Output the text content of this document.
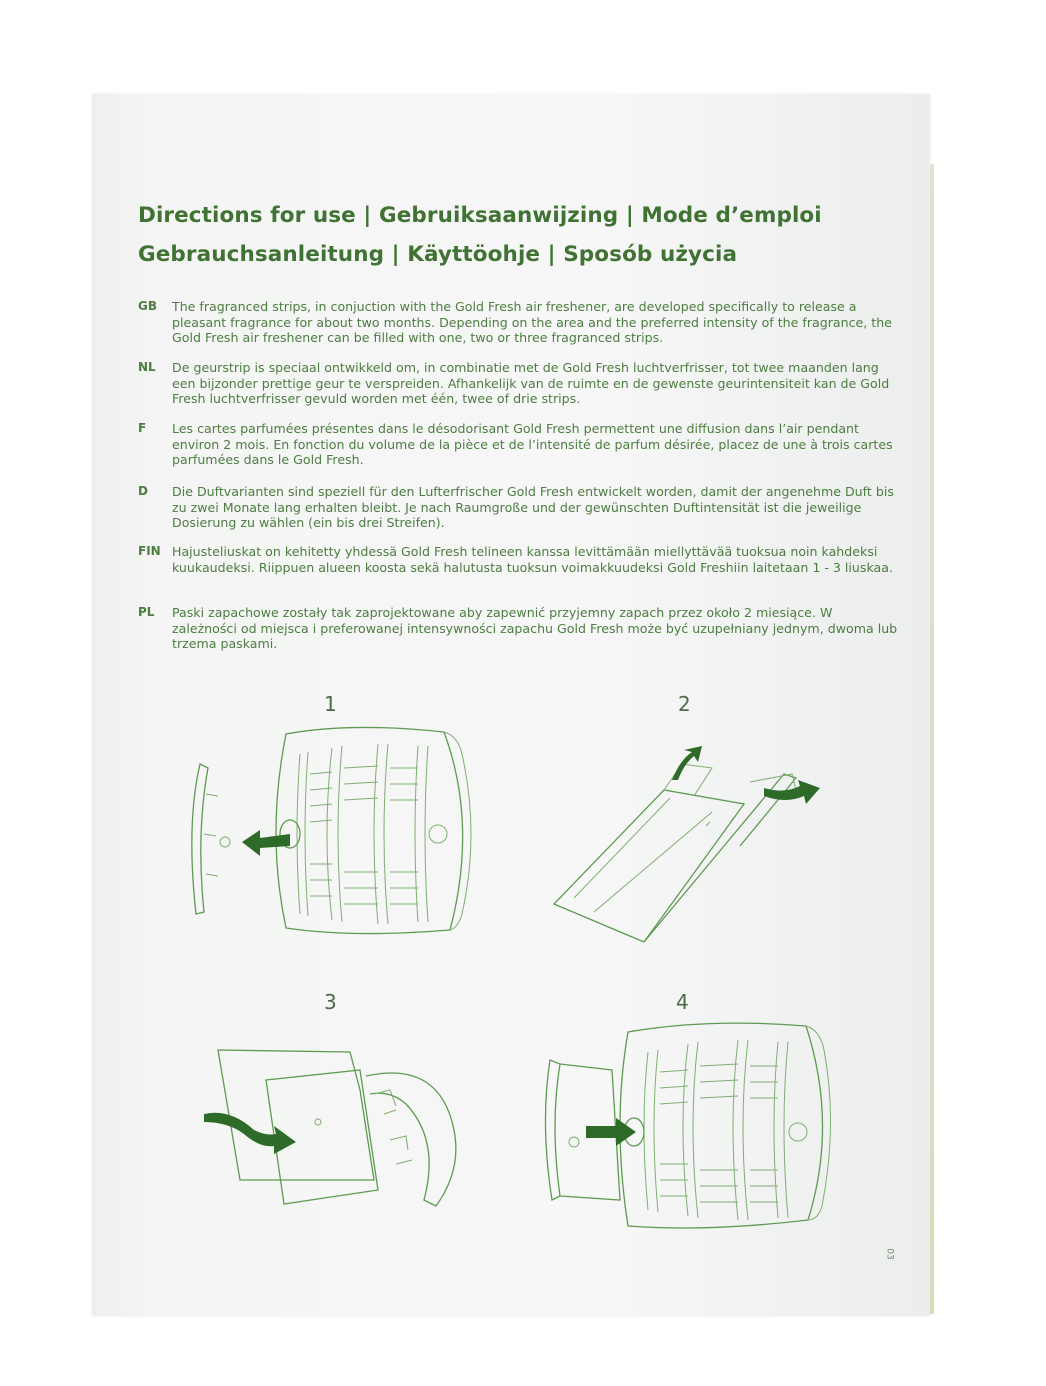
Directions for use | Gebruiksaanwijzing | Mode d’emploi
Gebrauchsanleitung | Käyttöohje | Sposób użycia
GB The fragranced strips, in conjuction with the Gold Fresh air freshener, are developed specifically to release a pleasant fragrance for about two months. Depending on the area and the preferred intensity of the fragrance, the Gold Fresh air freshener can be filled with one, two or three fragranced strips.
NL De geurstrip is speciaal ontwikkeld om, in combinatie met de Gold Fresh luchtverfrisser, tot twee maanden lang een bijzonder prettige geur te verspreiden. Afhankelijk van de ruimte en de gewenste geurintensiteit kan de Gold Fresh luchtverfrisser gevuld worden met één, twee of drie strips.
F Les cartes parfumées présentes dans le désodorisant Gold Fresh permettent une diffusion dans l’air pendant environ 2 mois. En fonction du volume de la pièce et de l’intensité de parfum désirée, placez de une à trois cartes parfumées dans le Gold Fresh.
D Die Duftvarianten sind speziell für den Lufterfrischer Gold Fresh entwickelt worden, damit der angenehme Duft bis zu zwei Monate lang erhalten bleibt. Je nach Raumgroße und der gewünschten Duftintensität ist die jeweilige Dosierung zu wählen (ein bis drei Streifen).
FIN Hajusteliuskat on kehitetty yhdessä Gold Fresh telineen kanssa levittämään miellyttävää tuoksua noin kahdeksi kuukaudeksi. Riippuen alueen koosta sekä halutusta tuoksun voimakkuudeksi Gold Freshiin laitetaan 1 - 3 liuskaa.
PL Paski zapachowe zostały tak zaprojektowane aby zapewnić przyjemny zapach przez około 2 miesiące. W zależności od miejsca i preferowanej intensywności zapachu Gold Fresh może być uzupełniany jednym, dwoma lub trzema paskami.
1	2
3	4
03
